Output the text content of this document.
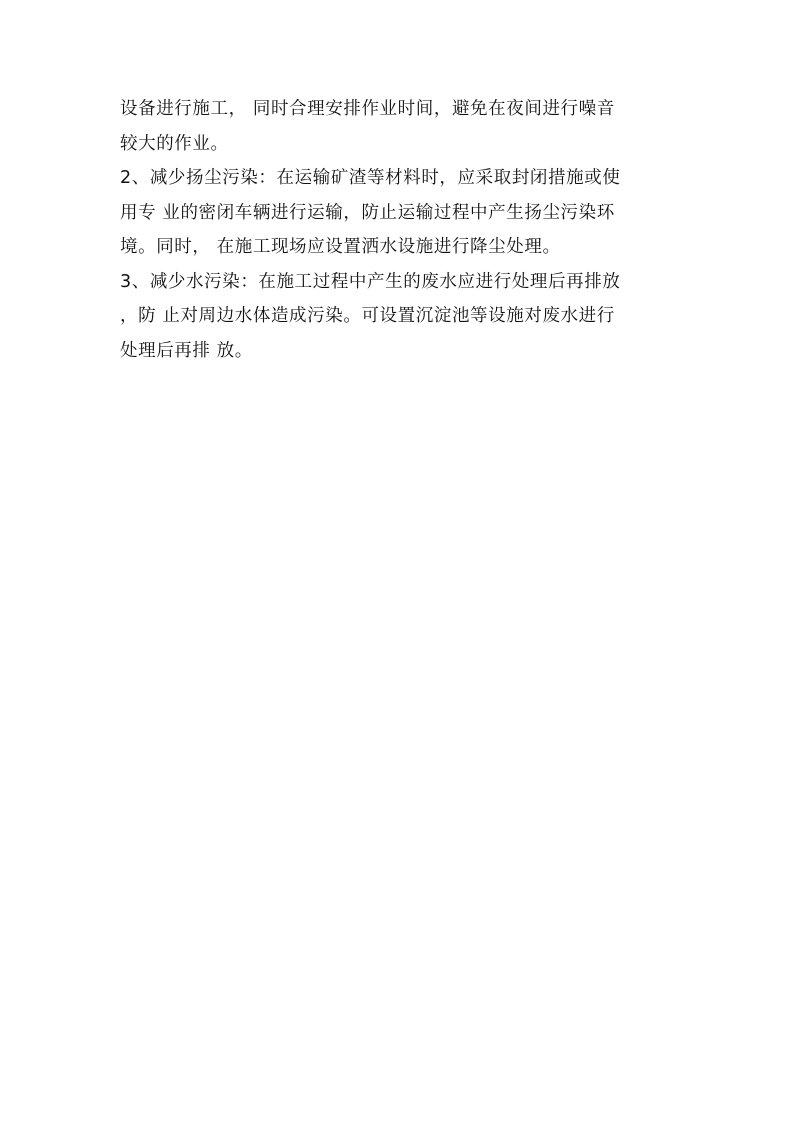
设备进行施工， 同时合理安排作业时间，避免在夜间进行噪音
较大的作业。
2、减少扬尘污染：在运输矿渣等材料时，应采取封闭措施或使
用专 业的密闭车辆进行运输，防止运输过程中产生扬尘污染环
境。同时， 在施工现场应设置洒水设施进行降尘处理。
3、减少水污染：在施工过程中产生的废水应进行处理后再排放
，防 止对周边水体造成污染。可设置沉淀池等设施对废水进行
处理后再排 放。
